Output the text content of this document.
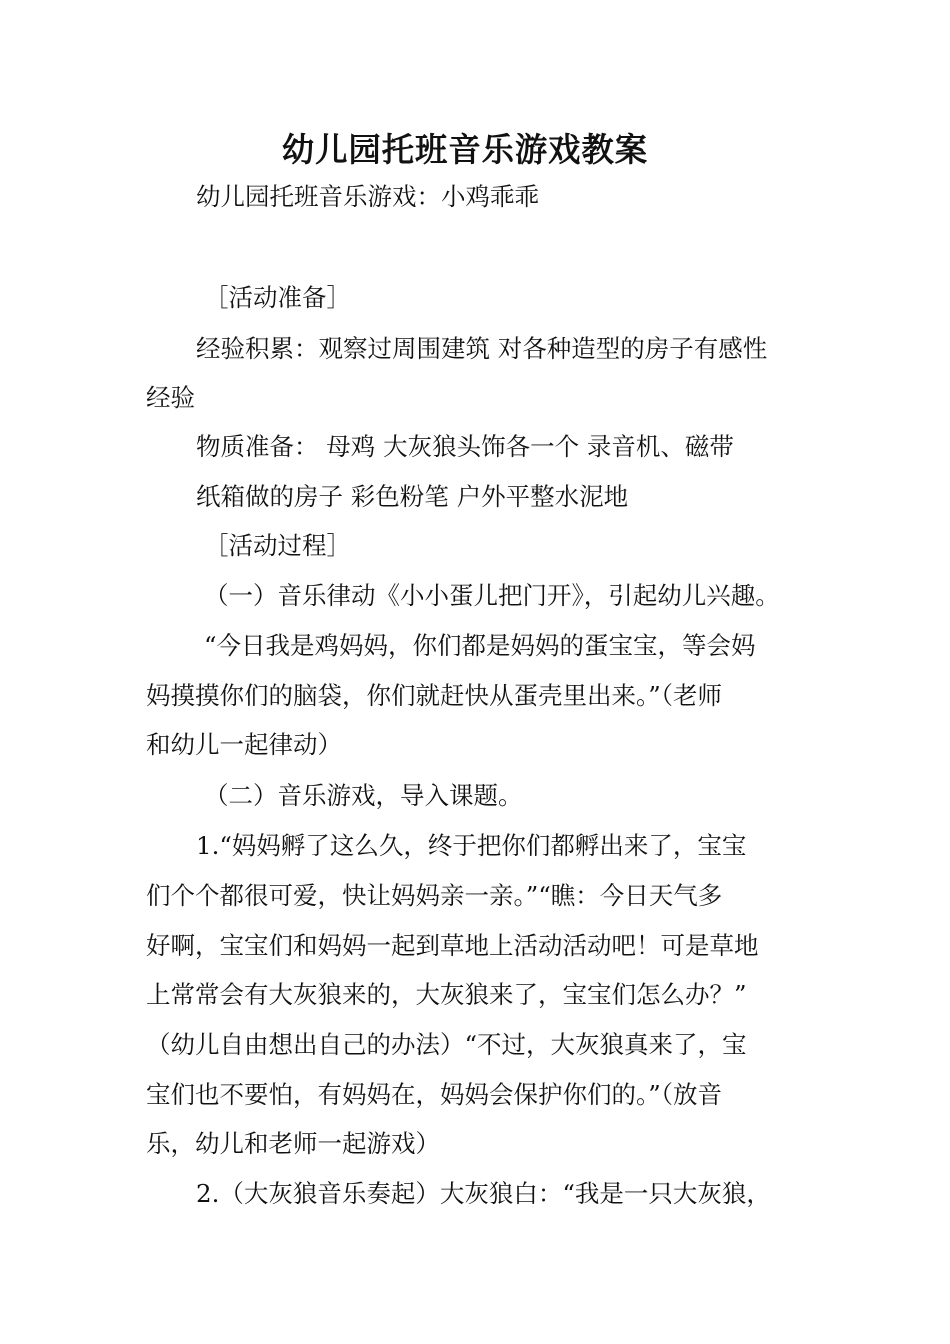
幼儿园托班音乐游戏教案
幼儿园托班音乐游戏：小鸡乖乖
［活动准备］
经验积累：观察过周围建筑 对各种造型的房子有感性
经验
物质准备： 母鸡 大灰狼头饰各一个 录音机、磁带
纸箱做的房子 彩色粉笔 户外平整水泥地
［活动过程］
（一）音乐律动《小小蛋儿把门开》，引起幼儿兴趣。
“今日我是鸡妈妈，你们都是妈妈的蛋宝宝，等会妈
妈摸摸你们的脑袋，你们就赶快从蛋壳里出来。”（老师
和幼儿一起律动）
（二）音乐游戏，导入课题。
1.“妈妈孵了这么久，终于把你们都孵出来了，宝宝
们个个都很可爱，快让妈妈亲一亲。”“瞧：今日天气多
好啊，宝宝们和妈妈一起到草地上活动活动吧！可是草地
上常常会有大灰狼来的，大灰狼来了，宝宝们怎么办？”
（幼儿自由想出自己的办法）“不过，大灰狼真来了，宝
宝们也不要怕，有妈妈在，妈妈会保护你们的。”（放音
乐，幼儿和老师一起游戏）
2.（大灰狼音乐奏起）大灰狼白：“我是一只大灰狼，
